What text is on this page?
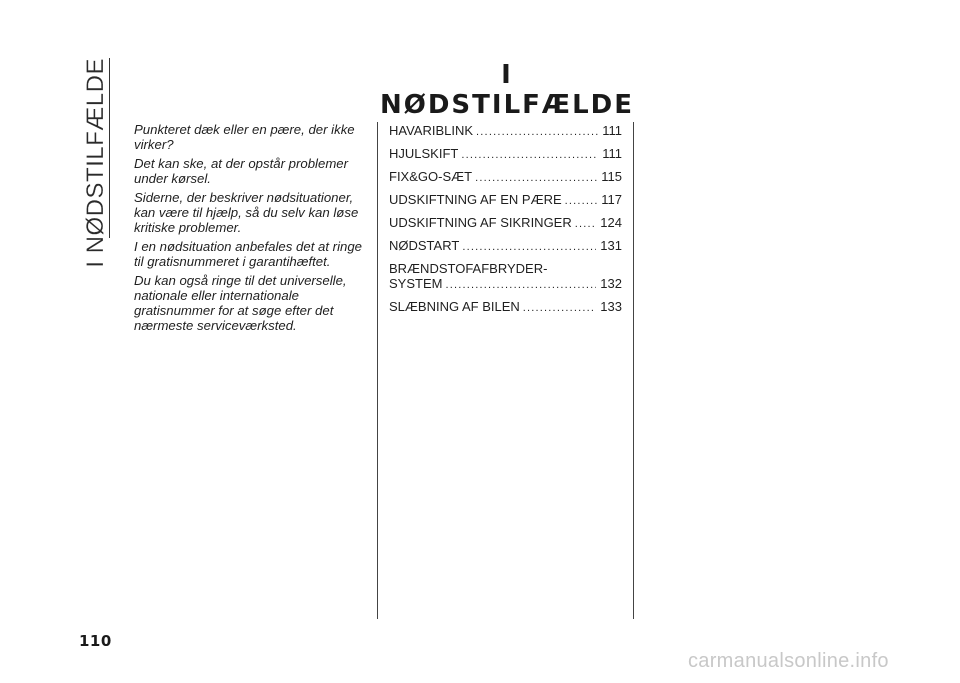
I NØDSTILFÆLDE	I NØDSTILFÆLDE

Punkteret dæk eller en pære, der ikke

virker?

Det kan ske, at der opstår problemer

under kørsel.

Siderne, der beskriver nødsituationer,

kan være til hjælp, så du selv kan løse

kritiske problemer.

I en nødsituation anbefales det at ringe

til gratisnummeret i garantihæftet.

Du kan også ringe til det universelle,

nationale eller internationale

gratisnummer for at søge efter det

nærmeste serviceværksted.

HAVARIBLINK .....	111
HJULSKIFT .....	111
FIX&GO-SÆT .....	115
UDSKIFTNING AF EN PÆRE .....	117
UDSKIFTNING AF SIKRINGER ..... 124
NØDSTART .....	131
BRÆNDSTOFAFBRYDER-
SYSTEM .....	132
SLÆBNING AF BILEN .....	133
110
carmanualsonline.info
